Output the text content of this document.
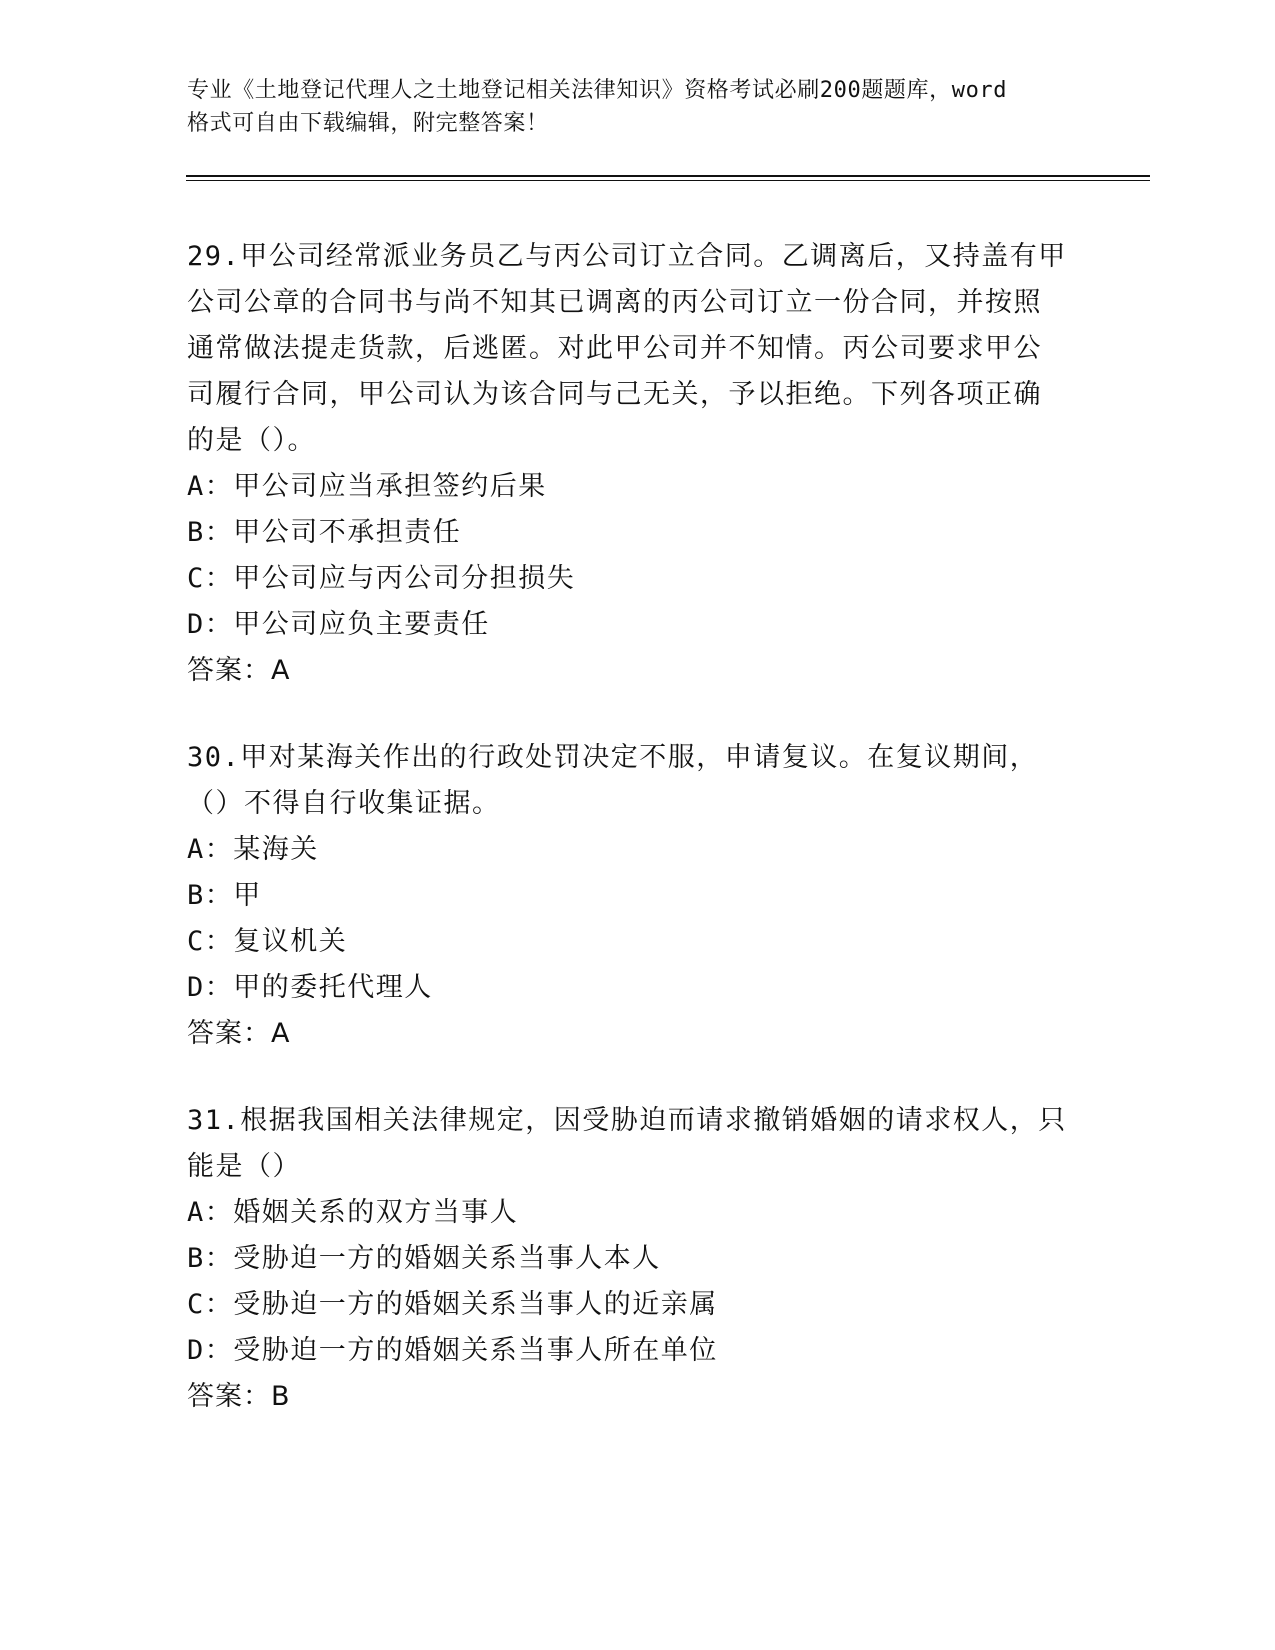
专业《土地登记代理人之土地登记相关法律知识》资格考试必刷200题题库，word
格式可自由下载编辑，附完整答案！

29.甲公司经常派业务员乙与丙公司订立合同。乙调离后，又持盖有甲公司公章的合同书与尚不知其已调离的丙公司订立一份合同，并按照通常做法提走货款，后逃匿。对此甲公司并不知情。丙公司要求甲公司履行合同，甲公司认为该合同与己无关，予以拒绝。下列各项正确的是（）。

A：甲公司应当承担签约后果

B：甲公司不承担责任

C：甲公司应与丙公司分担损失

D：甲公司应负主要责任

答案：A

30.甲对某海关作出的行政处罚决定不服，申请复议。在复议期间，（）不得自行收集证据。

A：某海关

B：甲

C：复议机关

D：甲的委托代理人

答案：A

31.根据我国相关法律规定，因受胁迫而请求撤销婚姻的请求权人，只能是（）

A：婚姻关系的双方当事人

B：受胁迫一方的婚姻关系当事人本人

C：受胁迫一方的婚姻关系当事人的近亲属

D：受胁迫一方的婚姻关系当事人所在单位

答案：B
